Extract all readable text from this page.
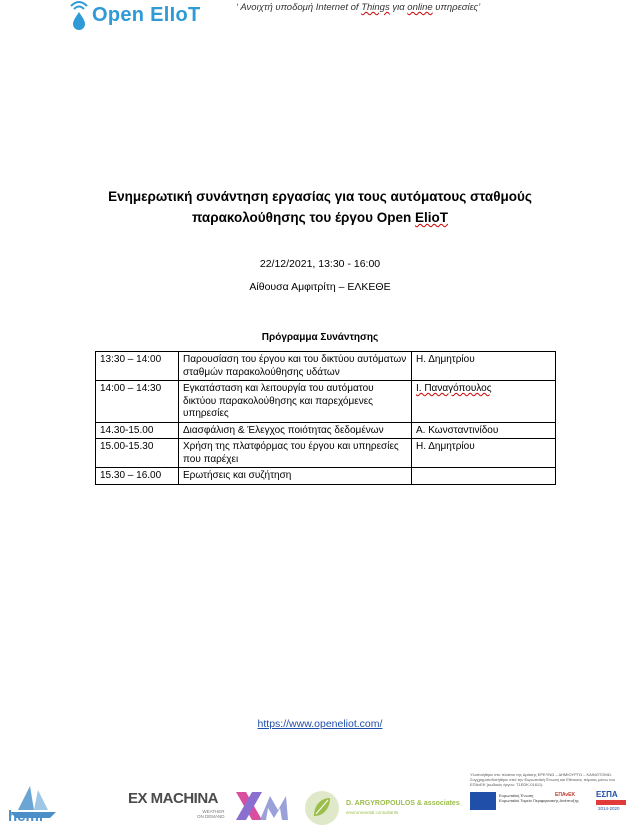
Open ElIoT	‘ Ανοιχτή υποδομή Internet of Things για online υπηρεσίες’
Ενημερωτική συνάντηση εργασίας για τους αυτόματους σταθμούς
παρακολούθησης του έργου Open ElioT
22/12/2021, 13:30 - 16:00
Αίθουσα Αμφιτρίτη – ΕΛΚΕΘΕ
Πρόγραμμα Συνάντησης
13:30 – 14:00	Παρουσίαση του έργου και του δικτύου αυτόματων σταθμών παρακολούθησης υδάτων	Η. Δημητρίου
14:00 – 14:30	Εγκατάσταση και λειτουργία του αυτόματου δικτύου παρακολούθησης και παρεχόμενες υπηρεσίες	Ι. Παναγόπουλος
14.30-15.00	Διασφάλιση & Έλεγχος ποιότητας δεδομένων	Α. Κωνσταντινίδου
15.00-15.30	Χρήση της πλατφόρμας του έργου και υπηρεσίες που παρέχει	Η. Δημητρίου
15.30 – 16.00	Ερωτήσεις και συζήτηση	
https://www.openeliot.com/
hcmr
EX MACHINA
WEATHER
ON DEMAND
D. ARGYROPOULOS & associates
environmental consultants
Υλοποιήθηκε στο πλαίσιο της Δράσης ΕΡΕΥΝΩ – ΔΗΜΙΟΥΡΓΩ – ΚΑΙΝΟΤΟΜΩ. Συγχρηματοδοτήθηκε από την Ευρωπαϊκή Ένωση και Εθνικούς πόρους μέσω του ΕΠΑνΕΚ (κωδικός έργου: T1EDK-01611)
Ευρωπαϊκή Ένωση
Ευρωπαϊκό Ταμείο Περιφερειακής Ανάπτυξης
ΕΠΑνΕΚ	ΕΣΠΑ
2014-2020
